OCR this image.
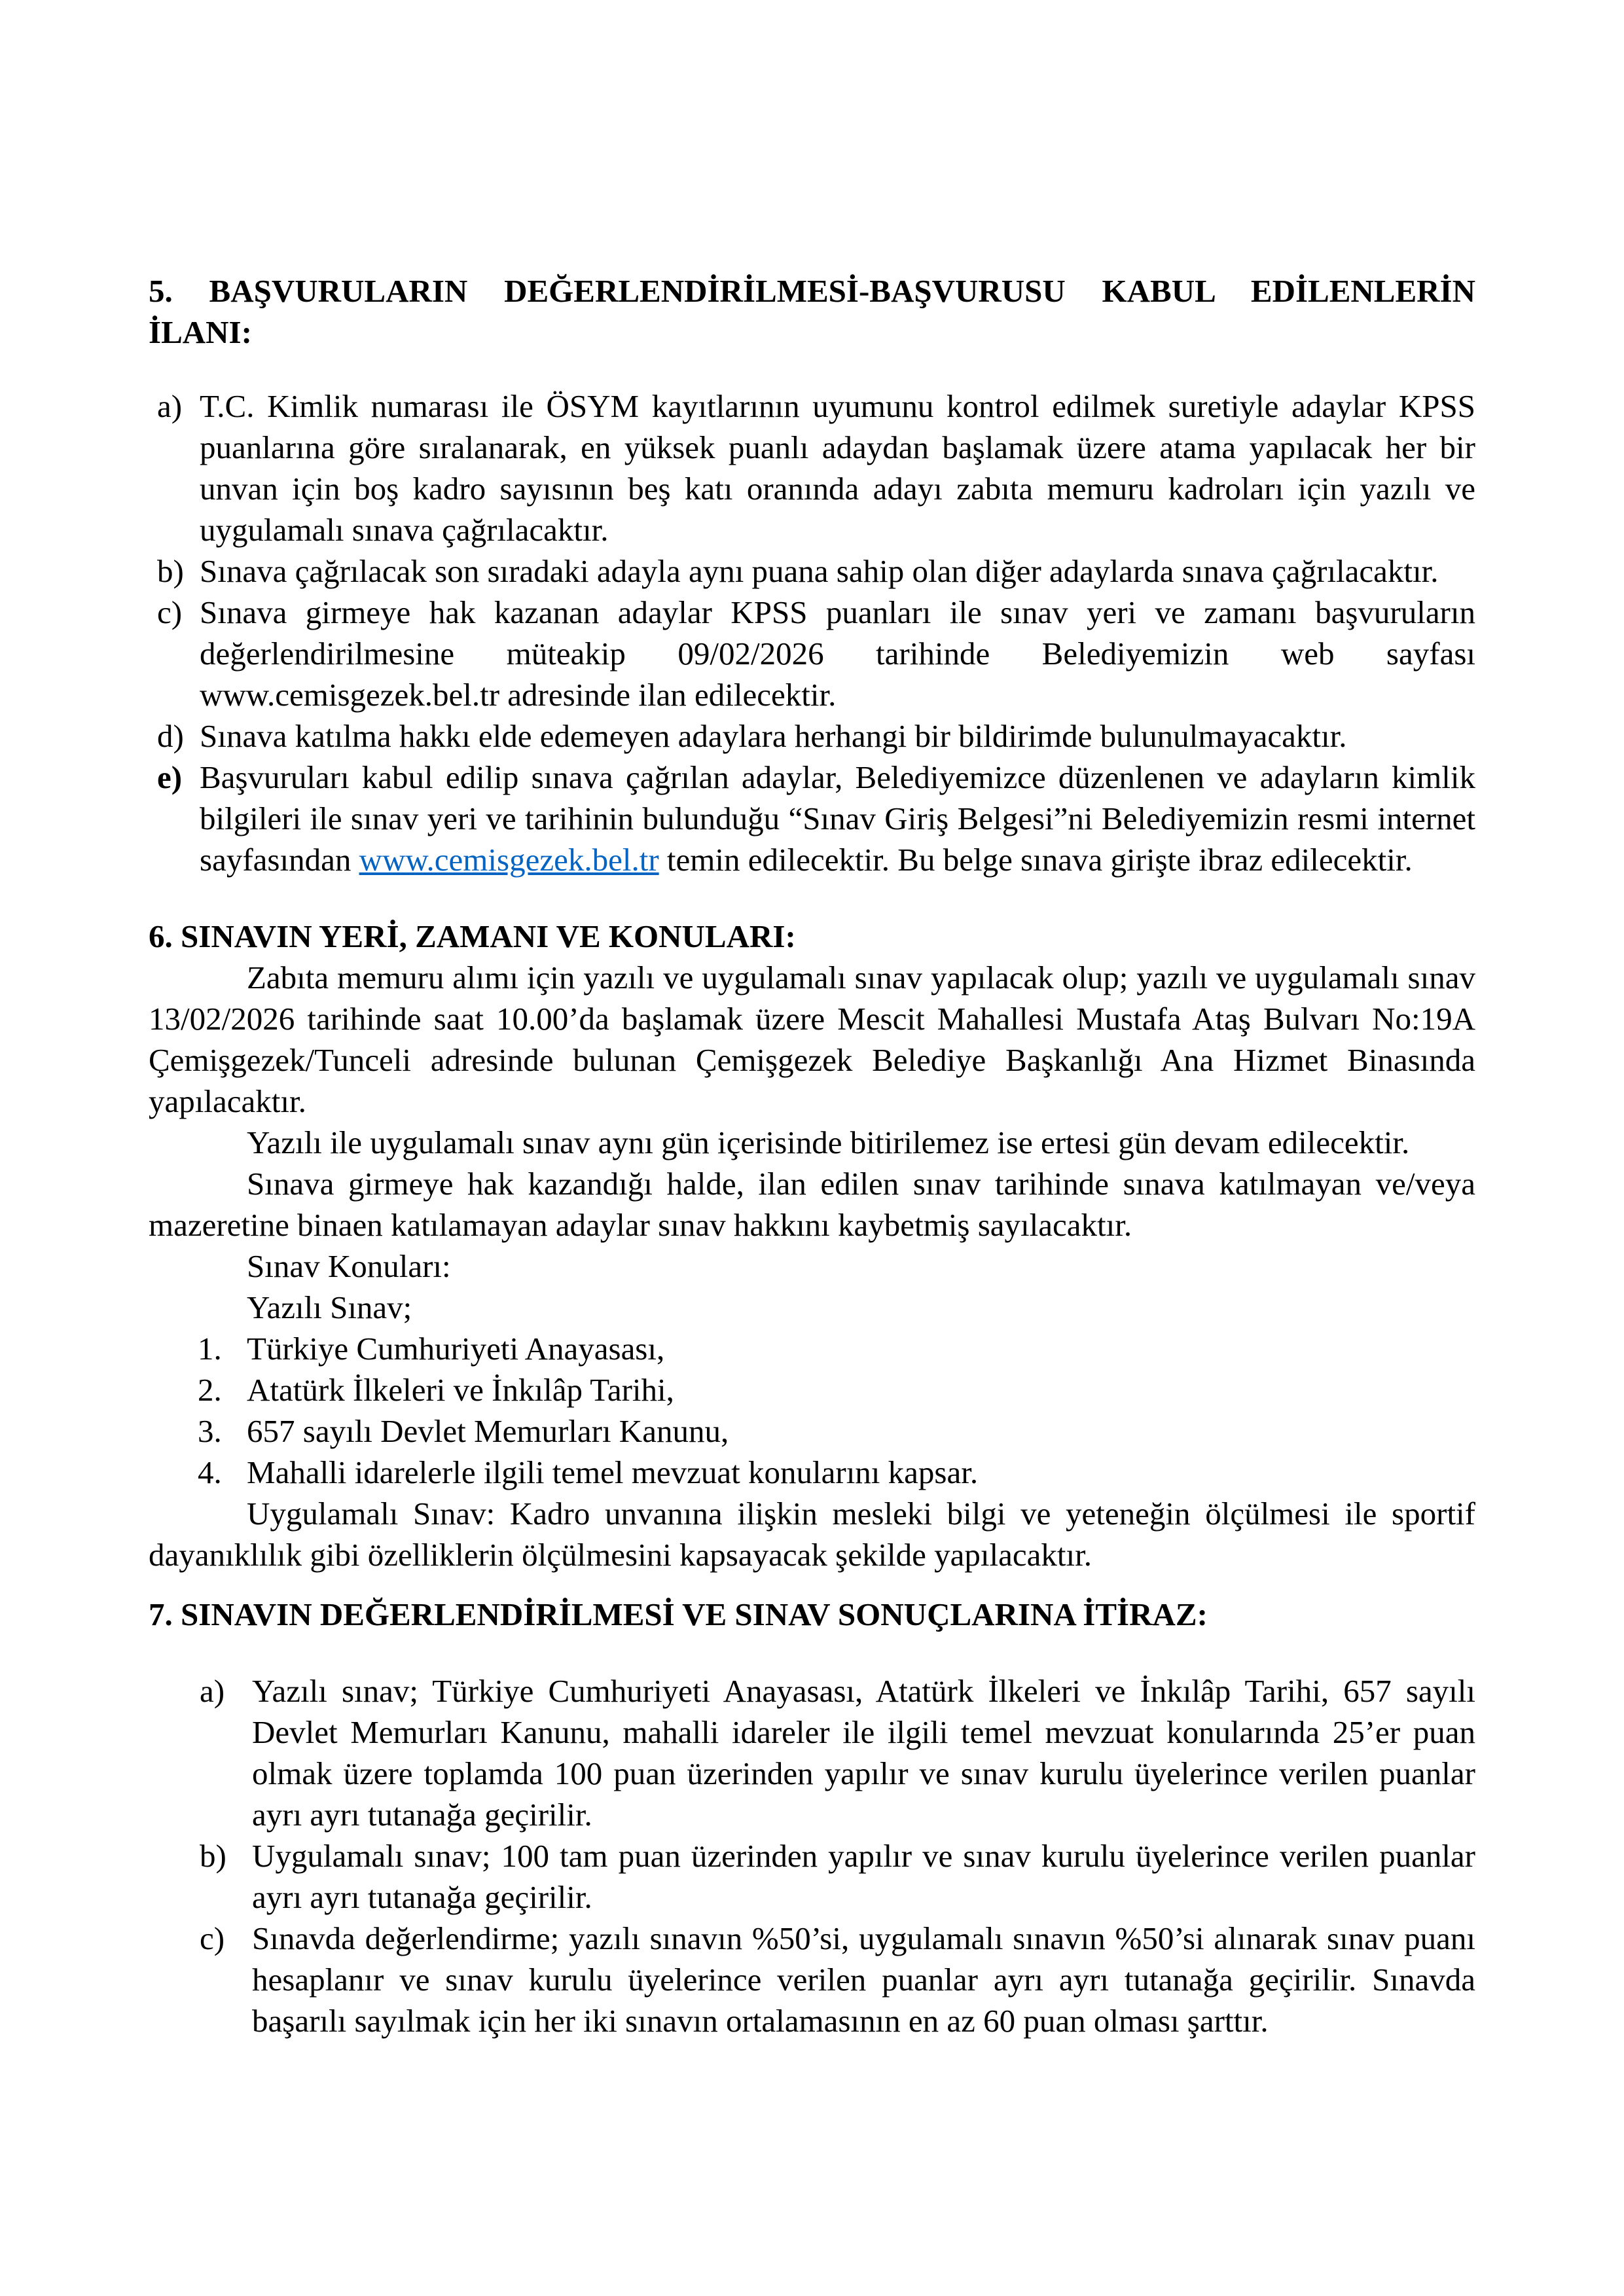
5. BAŞVURULARIN DEĞERLENDİRİLMESİ-BAŞVURUSU KABUL EDİLENLERİN
İLANI:
a) T.C. Kimlik numarası ile ÖSYM kayıtlarının uyumunu kontrol edilmek suretiyle adaylar KPSS puanlarına göre sıralanarak, en yüksek puanlı adaydan başlamak üzere atama yapılacak her bir unvan için boş kadro sayısının beş katı oranında adayı zabıta memuru kadroları için yazılı ve uygulamalı sınava çağrılacaktır.
b) Sınava çağrılacak son sıradaki adayla aynı puana sahip olan diğer adaylarda sınava çağrılacaktır.
c) Sınava girmeye hak kazanan adaylar KPSS puanları ile sınav yeri ve zamanı başvuruların değerlendirilmesine müteakip 09/02/2026 tarihinde Belediyemizin web sayfası www.cemisgezek.bel.tr adresinde ilan edilecektir.
d) Sınava katılma hakkı elde edemeyen adaylara herhangi bir bildirimde bulunulmayacaktır.
e) Başvuruları kabul edilip sınava çağrılan adaylar, Belediyemizce düzenlenen ve adayların kimlik bilgileri ile sınav yeri ve tarihinin bulunduğu “Sınav Giriş Belgesi”ni Belediyemizin resmi internet sayfasından www.cemisgezek.bel.tr temin edilecektir. Bu belge sınava girişte ibraz edilecektir.
6. SINAVIN YERİ, ZAMANI VE KONULARI:

Zabıta memuru alımı için yazılı ve uygulamalı sınav yapılacak olup; yazılı ve uygulamalı sınav 13/02/2026 tarihinde saat 10.00’da başlamak üzere Mescit Mahallesi Mustafa Ataş Bulvarı No:19A Çemişgezek/Tunceli adresinde bulunan Çemişgezek Belediye Başkanlığı Ana Hizmet Binasında yapılacaktır.

Yazılı ile uygulamalı sınav aynı gün içerisinde bitirilemez ise ertesi gün devam edilecektir.

Sınava girmeye hak kazandığı halde, ilan edilen sınav tarihinde sınava katılmayan ve/veya mazeretine binaen katılamayan adaylar sınav hakkını kaybetmiş sayılacaktır.

Sınav Konuları:

Yazılı Sınav;

1. Türkiye Cumhuriyeti Anayasası,
2. Atatürk İlkeleri ve İnkılâp Tarihi,
3. 657 sayılı Devlet Memurları Kanunu,
4. Mahalli idarelerle ilgili temel mevzuat konularını kapsar.

Uygulamalı Sınav: Kadro unvanına ilişkin mesleki bilgi ve yeteneğin ölçülmesi ile sportif dayanıklılık gibi özelliklerin ölçülmesini kapsayacak şekilde yapılacaktır.

7. SINAVIN DEĞERLENDİRİLMESİ VE SINAV SONUÇLARINA İTİRAZ:
a) Yazılı sınav; Türkiye Cumhuriyeti Anayasası, Atatürk İlkeleri ve İnkılâp Tarihi, 657 sayılı Devlet Memurları Kanunu, mahalli idareler ile ilgili temel mevzuat konularında 25’er puan olmak üzere toplamda 100 puan üzerinden yapılır ve sınav kurulu üyelerince verilen puanlar ayrı ayrı tutanağa geçirilir.
b) Uygulamalı sınav; 100 tam puan üzerinden yapılır ve sınav kurulu üyelerince verilen puanlar ayrı ayrı tutanağa geçirilir.
c) Sınavda değerlendirme; yazılı sınavın %50’si, uygulamalı sınavın %50’si alınarak sınav puanı hesaplanır ve sınav kurulu üyelerince verilen puanlar ayrı ayrı tutanağa geçirilir. Sınavda başarılı sayılmak için her iki sınavın ortalamasının en az 60 puan olması şarttır.
